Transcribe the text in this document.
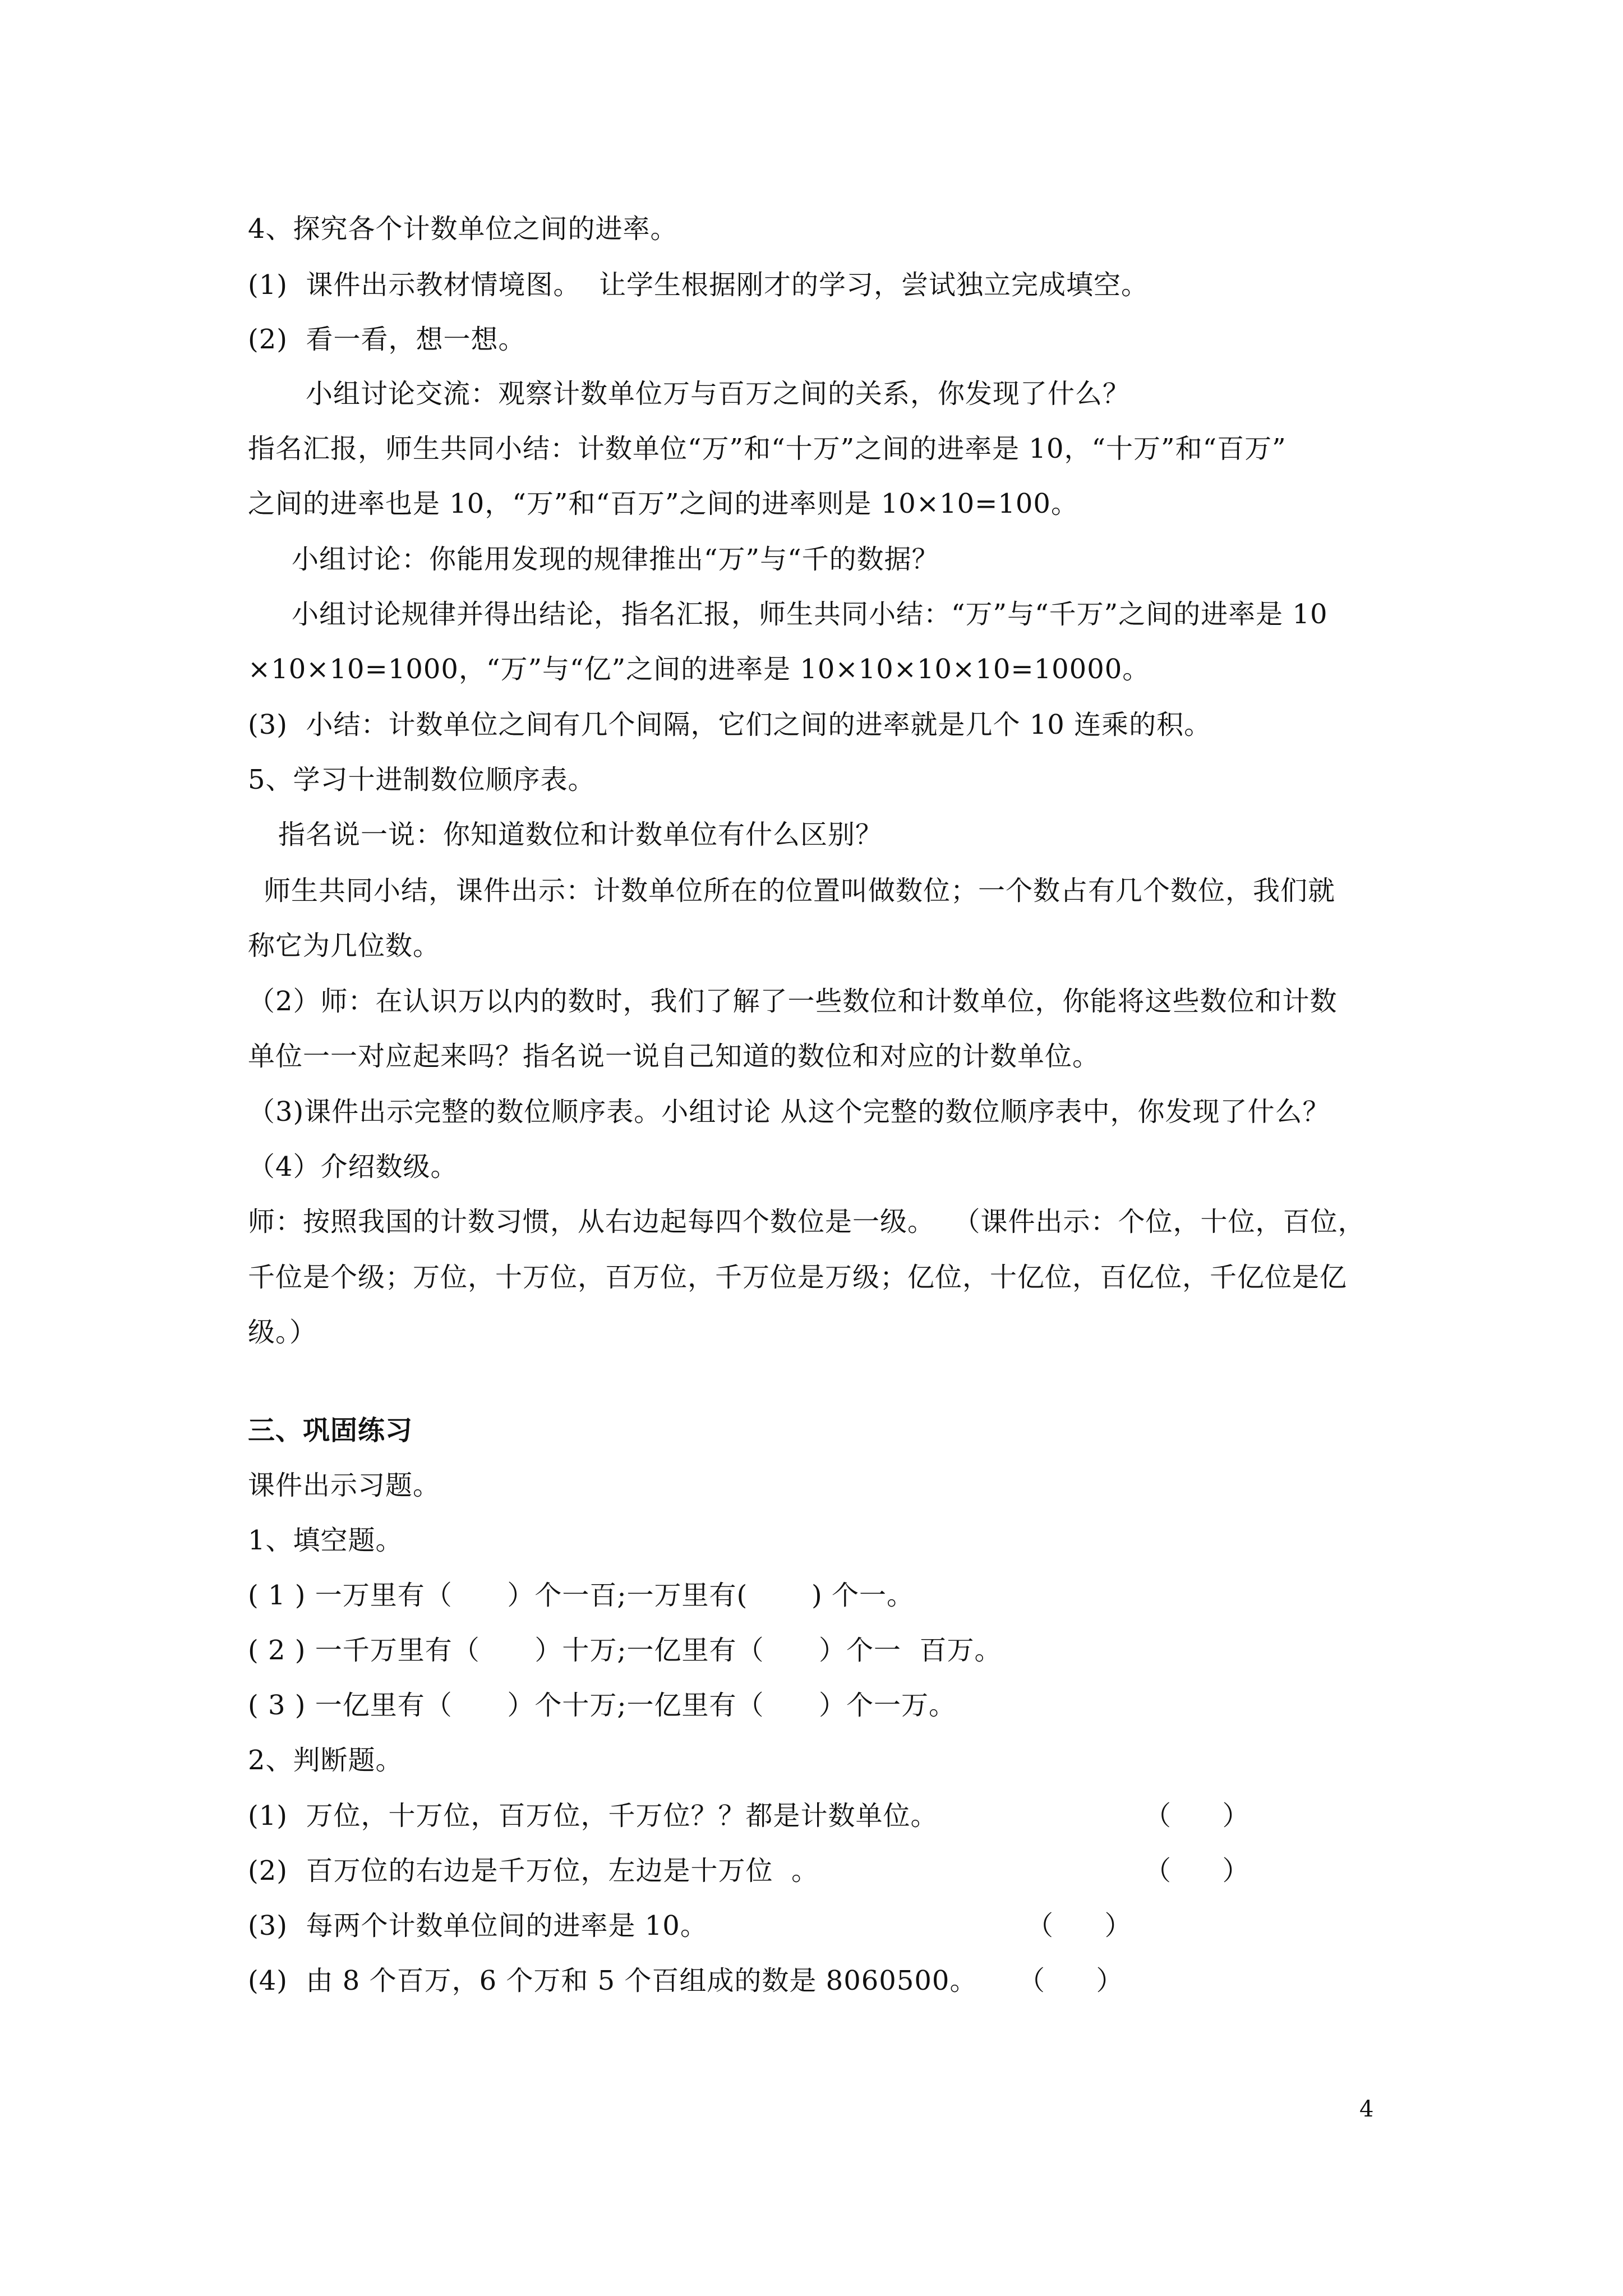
4、探究各个计数单位之间的进率。
(1)  课件出示教材情境图。  让学生根据刚才的学习，尝试独立完成填空。
(2)  看一看，想一想。
小组讨论交流：观察计数单位万与百万之间的关系，你发现了什么？
指名汇报，师生共同小结：计数单位“万”和“十万”之间的进率是 10，“十万”和“百万”
之间的进率也是 10，“万”和“百万”之间的进率则是 10×10=100。
小组讨论：你能用发现的规律推出“万”与“千的数据？
小组讨论规律并得出结论，指名汇报，师生共同小结：“万”与“千万”之间的进率是 10
×10×10=1000，“万”与“亿”之间的进率是 10×10×10×10=10000。
(3)  小结：计数单位之间有几个间隔，它们之间的进率就是几个 10 连乘的积。
5、学习十进制数位顺序表。
指名说一说：你知道数位和计数单位有什么区别？
师生共同小结，课件出示：计数单位所在的位置叫做数位；一个数占有几个数位，我们就
称它为几位数。
（2）师：在认识万以内的数时，我们了解了一些数位和计数单位，你能将这些数位和计数
单位一一对应起来吗？指名说一说自己知道的数位和对应的计数单位。
（3)课件出示完整的数位顺序表。小组讨论 从这个完整的数位顺序表中，你发现了什么？
（4）介绍数级。
师：按照我国的计数习惯，从右边起每四个数位是一级。  （课件出示：个位，十位，百位，
千位是个级；万位，十万位，百万位，千万位是万级；亿位，十亿位，百亿位，千亿位是亿
级。）
三、巩固练习
课件出示习题。
1、填空题。
( 1 ) 一万里有（      ）个一百;一万里有(       ) 个一。
( 2 ) 一千万里有（      ）十万;一亿里有（      ）个一  百万。
( 3 ) 一亿里有（      ）个十万;一亿里有（      ）个一万。
2、判断题。
(1)  万位，十万位，百万位，千万位？？都是计数单位。	（      ）
(2)  百万位的右边是千万位，左边是十万位  。	（      ）
(3)  每两个计数单位间的进率是 10。	（      ）
(4)  由 8 个百万，6 个万和 5 个百组成的数是 8060500。 （      ）
4
